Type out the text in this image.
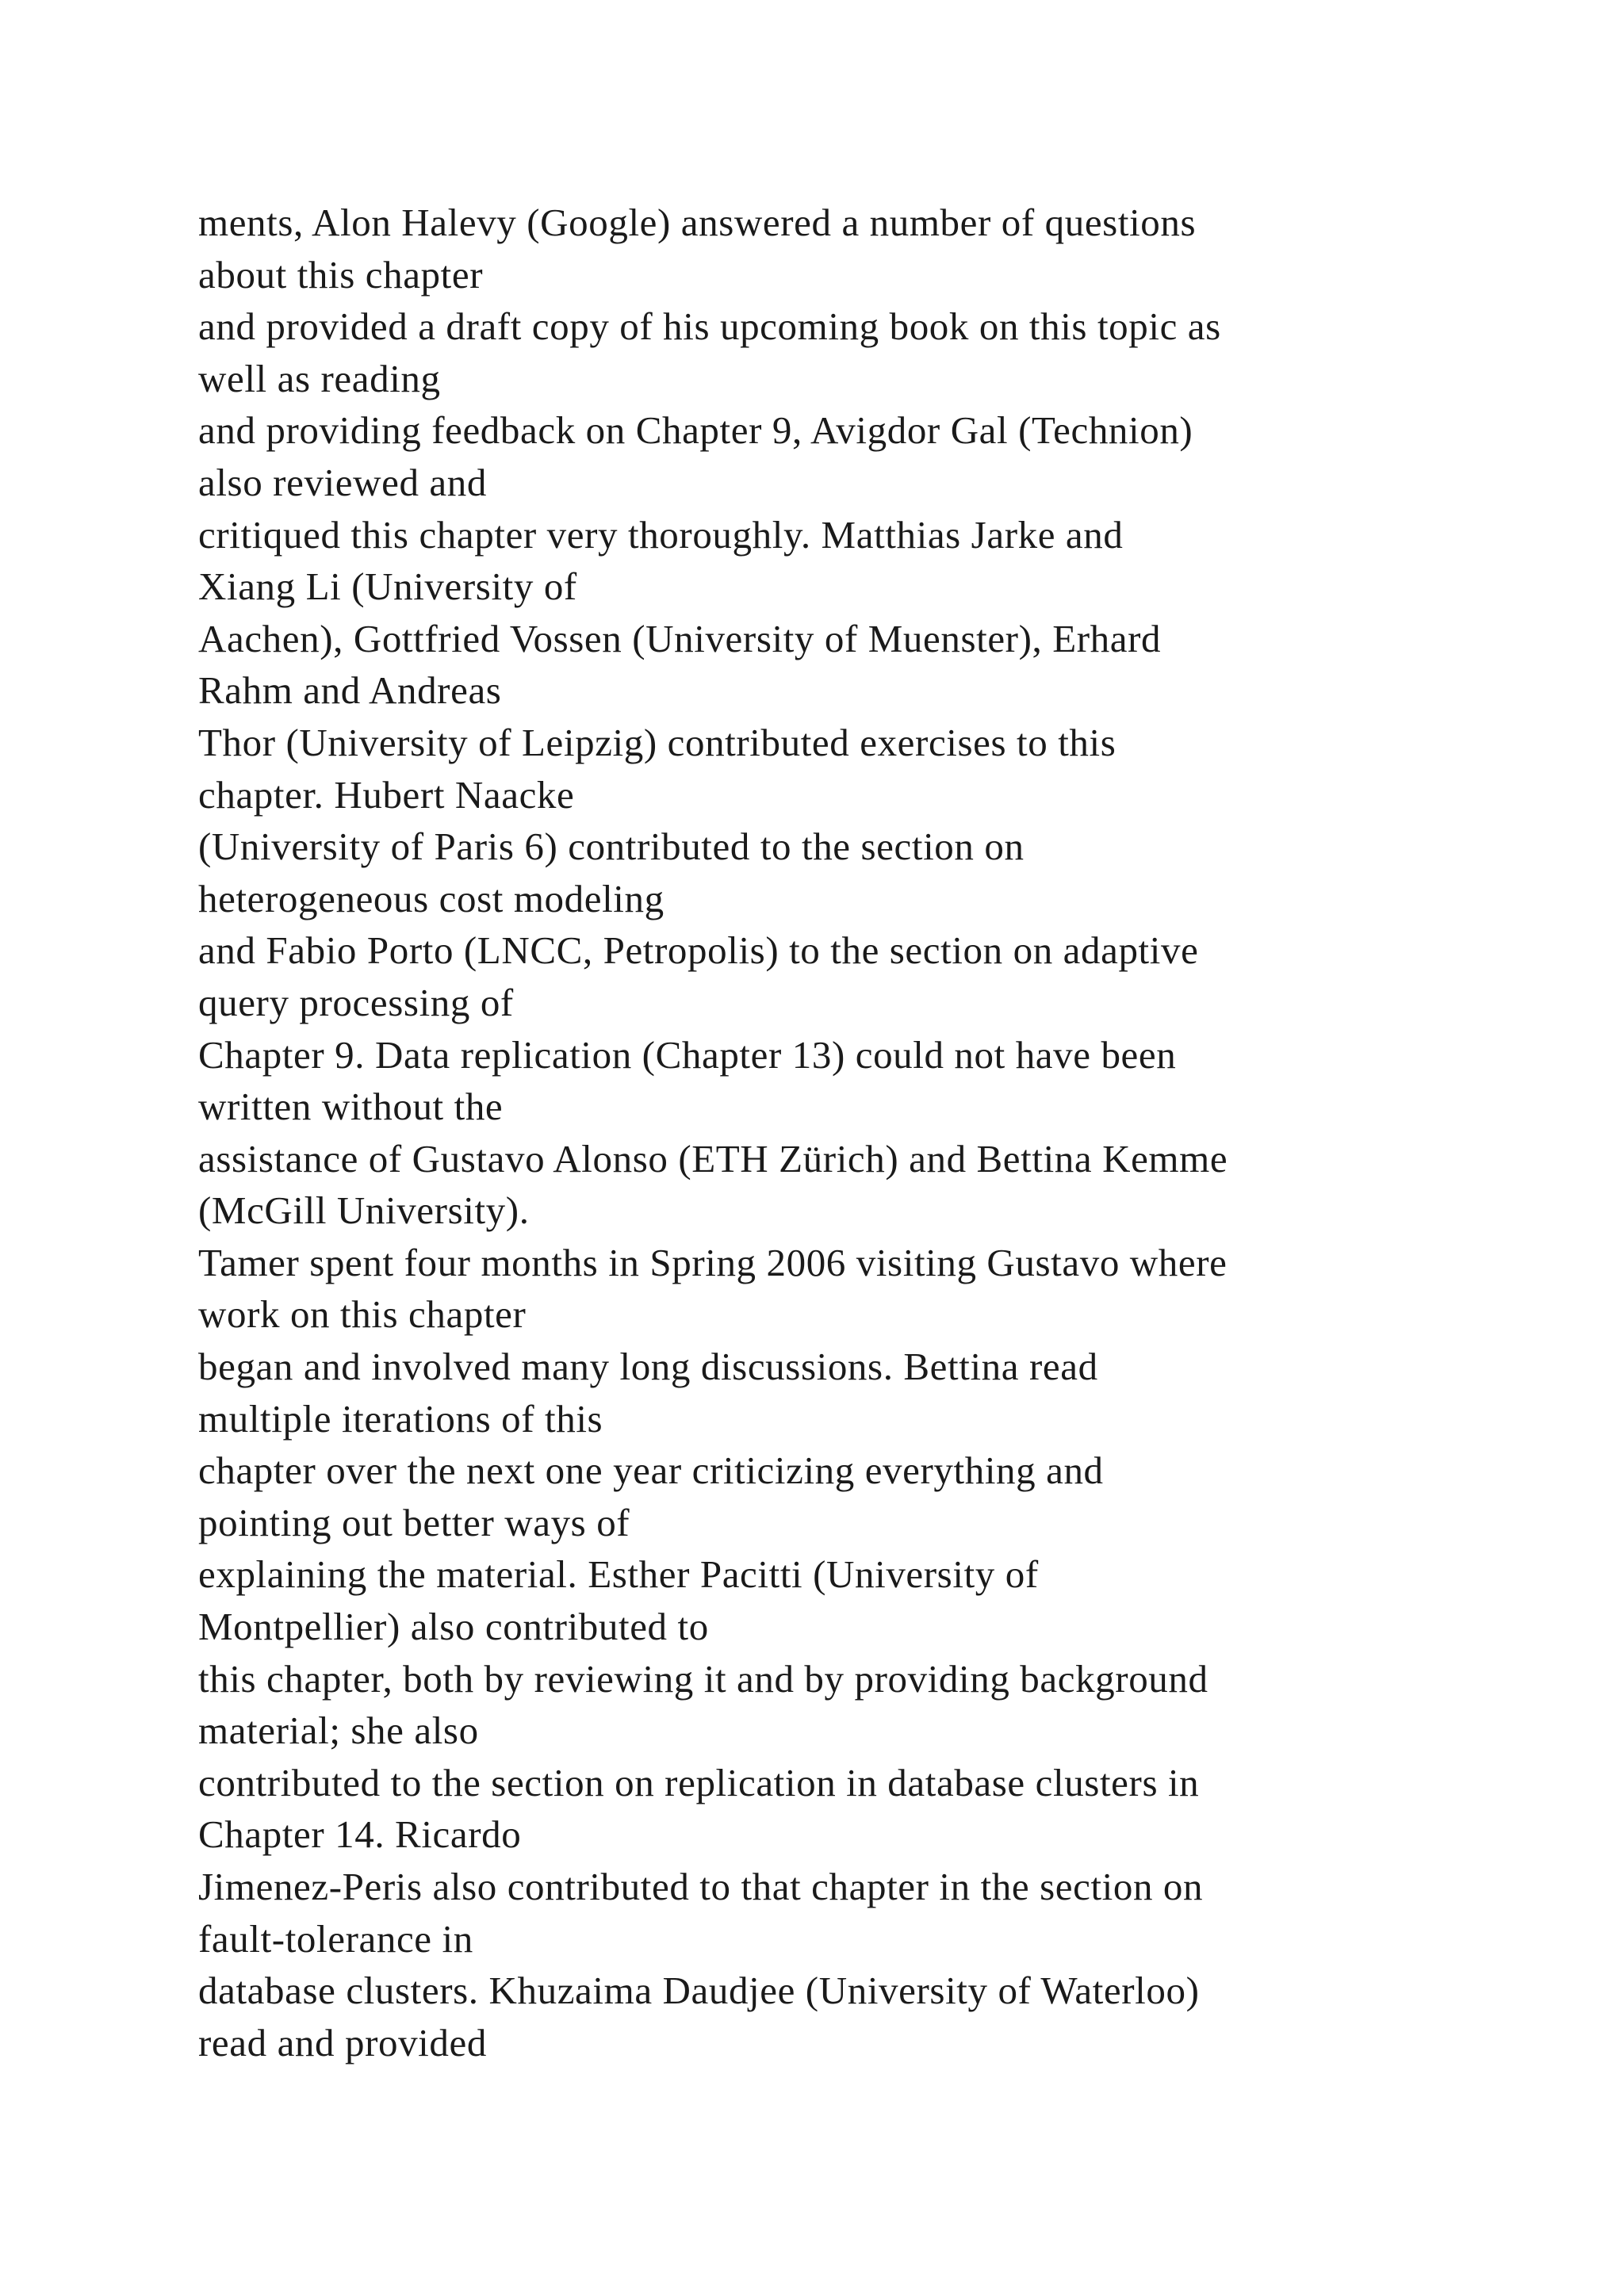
ments, Alon Halevy (Google) answered a number of questions
about this chapter
and provided a draft copy of his upcoming book on this topic as
well as reading
and providing feedback on Chapter 9, Avigdor Gal (Technion)
also reviewed and
critiqued this chapter very thoroughly. Matthias Jarke and
Xiang Li (University of
Aachen), Gottfried Vossen (University of Muenster), Erhard
Rahm and Andreas
Thor (University of Leipzig) contributed exercises to this
chapter. Hubert Naacke
(University of Paris 6) contributed to the section on
heterogeneous cost modeling
and Fabio Porto (LNCC, Petropolis) to the section on adaptive
query processing of
Chapter 9. Data replication (Chapter 13) could not have been
written without the
assistance of Gustavo Alonso (ETH Zürich) and Bettina Kemme
(McGill University).
Tamer spent four months in Spring 2006 visiting Gustavo where
work on this chapter
began and involved many long discussions. Bettina read
multiple iterations of this
chapter over the next one year criticizing everything and
pointing out better ways of
explaining the material. Esther Pacitti (University of
Montpellier) also contributed to
this chapter, both by reviewing it and by providing background
material; she also
contributed to the section on replication in database clusters in
Chapter 14. Ricardo
Jimenez-Peris also contributed to that chapter in the section on
fault-tolerance in
database clusters. Khuzaima Daudjee (University of Waterloo)
read and provided
